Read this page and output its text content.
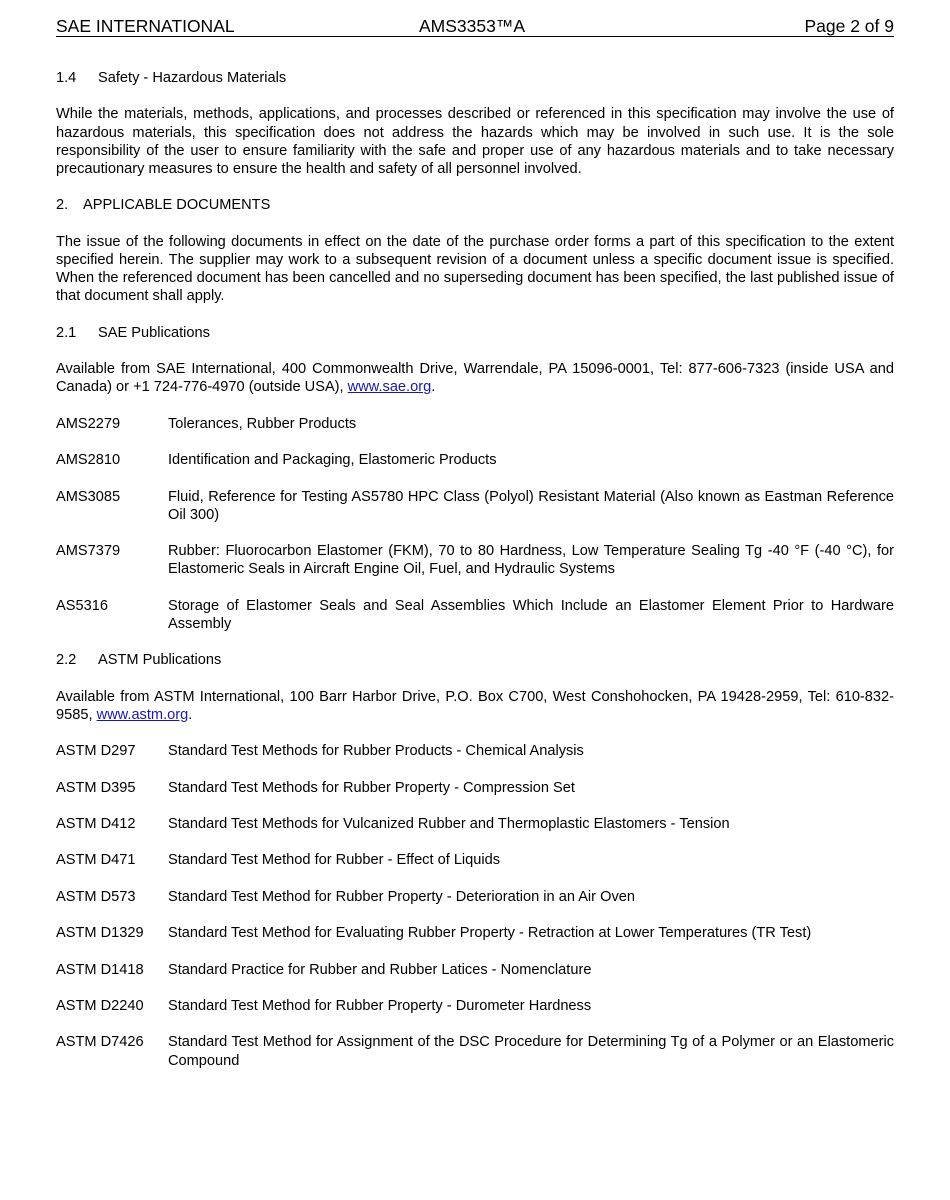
SAE INTERNATIONAL	AMS3353™A	Page 2 of 9
1.4 Safety - Hazardous Materials

While the materials, methods, applications, and processes described or referenced in this specification may involve the use of hazardous materials, this specification does not address the hazards which may be involved in such use. It is the sole responsibility of the user to ensure familiarity with the safe and proper use of any hazardous materials and to take necessary precautionary measures to ensure the health and safety of all personnel involved.

2. APPLICABLE DOCUMENTS

The issue of the following documents in effect on the date of the purchase order forms a part of this specification to the extent specified herein. The supplier may work to a subsequent revision of a document unless a specific document issue is specified. When the referenced document has been cancelled and no superseding document has been specified, the last published issue of that document shall apply.

2.1 SAE Publications

Available from SAE International, 400 Commonwealth Drive, Warrendale, PA 15096-0001, Tel: 877-606-7323 (inside USA and Canada) or +1 724-776-4970 (outside USA), www.sae.org.

AMS2279	Tolerances, Rubber Products
AMS2810	Identification and Packaging, Elastomeric Products
AMS3085	Fluid, Reference for Testing AS5780 HPC Class (Polyol) Resistant Material (Also known as Eastman Reference Oil 300)
AMS7379	Rubber: Fluorocarbon Elastomer (FKM), 70 to 80 Hardness, Low Temperature Sealing Tg -40 °F (-40 °C), for Elastomeric Seals in Aircraft Engine Oil, Fuel, and Hydraulic Systems
AS5316	Storage of Elastomer Seals and Seal Assemblies Which Include an Elastomer Element Prior to Hardware Assembly
2.2 ASTM Publications

Available from ASTM International, 100 Barr Harbor Drive, P.O. Box C700, West Conshohocken, PA 19428-2959, Tel: 610-832-9585, www.astm.org.

ASTM D297	Standard Test Methods for Rubber Products - Chemical Analysis
ASTM D395	Standard Test Methods for Rubber Property - Compression Set
ASTM D412	Standard Test Methods for Vulcanized Rubber and Thermoplastic Elastomers - Tension
ASTM D471	Standard Test Method for Rubber - Effect of Liquids
ASTM D573	Standard Test Method for Rubber Property - Deterioration in an Air Oven
ASTM D1329	Standard Test Method for Evaluating Rubber Property - Retraction at Lower Temperatures (TR Test)
ASTM D1418	Standard Practice for Rubber and Rubber Latices - Nomenclature
ASTM D2240	Standard Test Method for Rubber Property - Durometer Hardness
ASTM D7426	Standard Test Method for Assignment of the DSC Procedure for Determining Tg of a Polymer or an Elastomeric Compound
